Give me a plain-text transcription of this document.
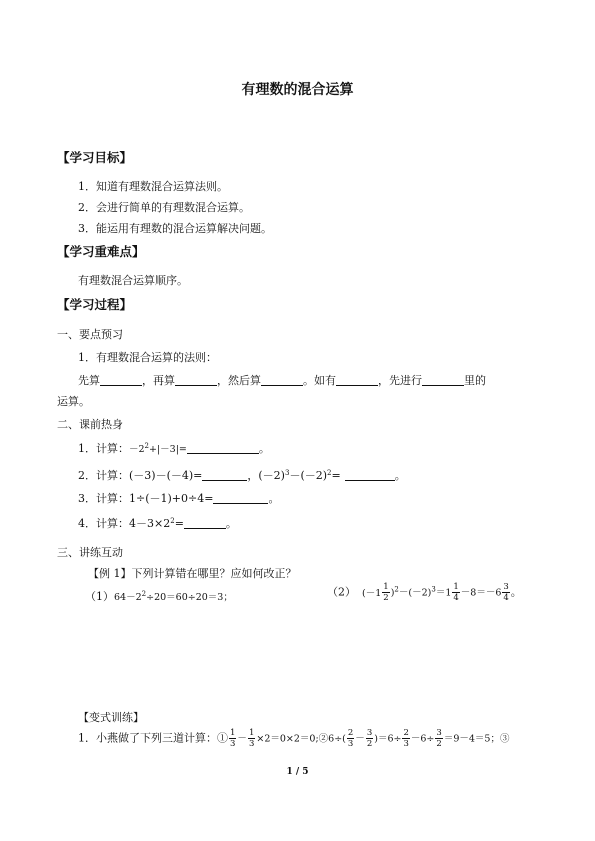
有理数的混合运算
【学习目标】
1．知道有理数混合运算法则。
2．会进行简单的有理数混合运算。
3．能运用有理数的混合运算解决问题。
【学习重难点】
有理数混合运算顺序。
【学习过程】
一、要点预习
1．有理数混合运算的法则：
先算	，再算	，然后算	。如有	，先进行	里的
运算。
二、课前热身
1．计算：$-2^2+|-3|=$	。
2．计算：(－3)－(－4)=	，$(-2)^3-(-2)^2=$	。
3．计算：1÷(－1)+0÷4=	。
4．计算：$4-3\times 2^2=$	。
三、讲练互动
【例 1】下列计算错在哪里？应如何改正？
$(1)64-2^2\div 20=60\div 20=3$；	（2） $(-1 \frac{1}{2} )^2-(-2)^3=1 \frac{1}{4} -8=-6 \frac{3}{4}$ 。
【变式训练】
1．小燕做了下列三道计算：① $\frac{1}{3} - \frac{1}{3}$ ×2＝0×2＝0;②6÷( $\frac{2}{3} - \frac{3}{2} )=6\div \frac{2}{3} -6\div \frac{3}{2} =9-4=5$；③
1 / 5
